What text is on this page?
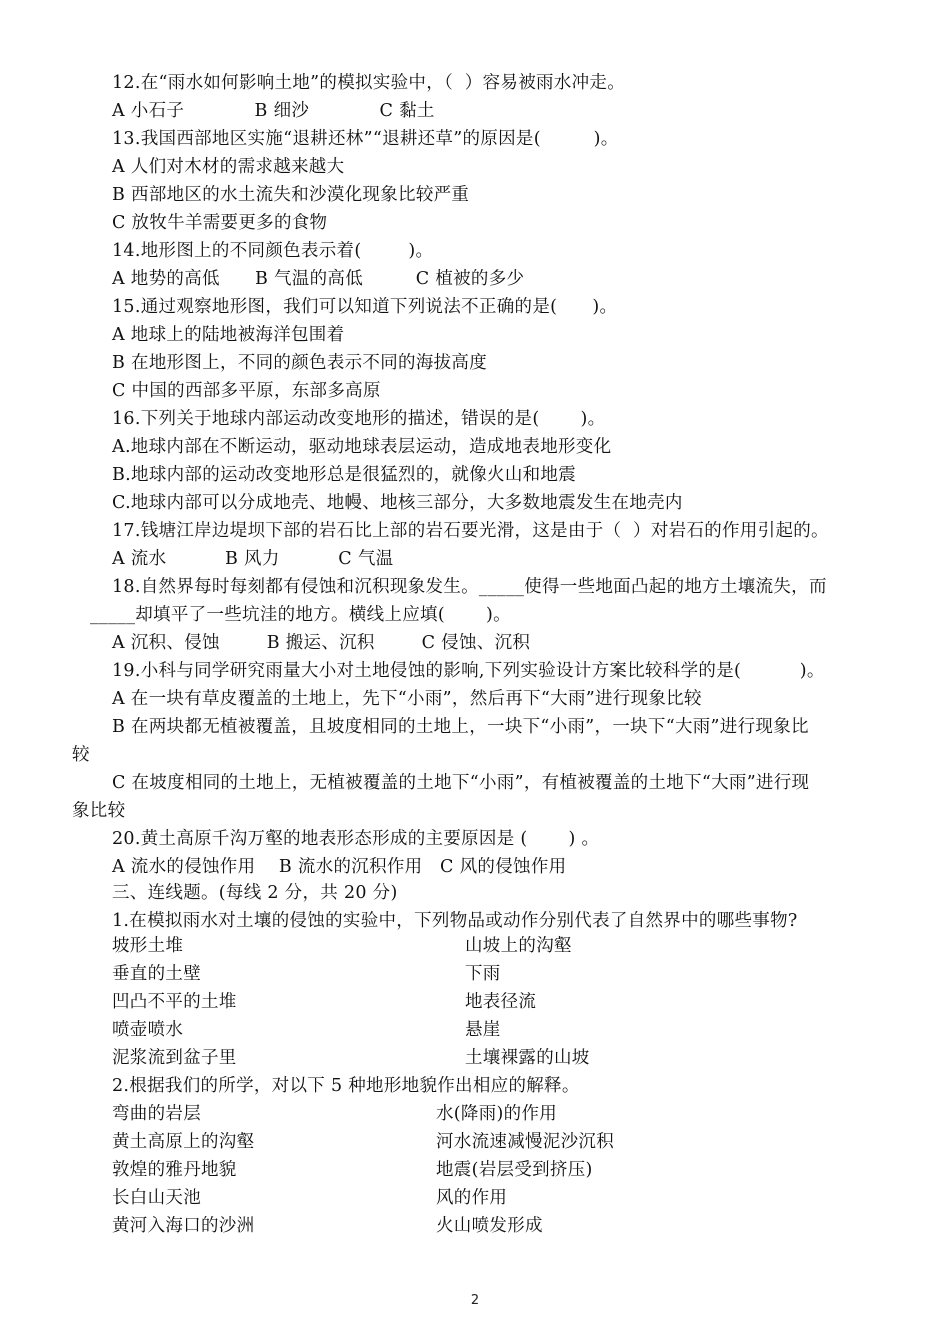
12.在“雨水如何影响土地”的模拟实验中，（  ）容易被雨水冲走。
A 小石子            B 细沙            C 黏土
13.我国西部地区实施“退耕还林”“退耕还草”的原因是(         )。
A 人们对木材的需求越来越大
B 西部地区的水土流失和沙漠化现象比较严重
C 放牧牛羊需要更多的食物
14.地形图上的不同颜色表示着(        )。
A 地势的高低      B 气温的高低         C 植被的多少
15.通过观察地形图，我们可以知道下列说法不正确的是(      )。
A 地球上的陆地被海洋包围着
B 在地形图上，不同的颜色表示不同的海拔高度
C 中国的西部多平原，东部多高原
16.下列关于地球内部运动改变地形的描述，错误的是(       )。
A.地球内部在不断运动，驱动地球表层运动，造成地表地形变化
B.地球内部的运动改变地形总是很猛烈的，就像火山和地震
C.地球内部可以分成地壳、地幔、地核三部分，大多数地震发生在地壳内
17.钱塘江岸边堤坝下部的岩石比上部的岩石要光滑，这是由于（  ）对岩石的作用引起的。
A 流水          B 风力          C 气温
18.自然界每时每刻都有侵蚀和沉积现象发生。_____使得一些地面凸起的地方土壤流失，而
_____却填平了一些坑洼的地方。横线上应填(       )。
A 沉积、侵蚀        B 搬运、沉积        C 侵蚀、沉积
19.小科与同学研究雨量大小对土地侵蚀的影响,下列实验设计方案比较科学的是(          )。
A 在一块有草皮覆盖的土地上，先下“小雨”，然后再下“大雨”进行现象比较
B 在两块都无植被覆盖，且坡度相同的土地上，一块下“小雨”，一块下“大雨”进行现象比
较
C 在坡度相同的土地上，无植被覆盖的土地下“小雨”，有植被覆盖的土地下“大雨”进行现
象比较
20.黄土高原千沟万壑的地表形态形成的主要原因是 (       ) 。
A 流水的侵蚀作用    B 流水的沉积作用   C 风的侵蚀作用
三、连线题。(每线 2 分，共 20 分)
1.在模拟雨水对土壤的侵蚀的实验中，下列物品或动作分别代表了自然界中的哪些事物?
坡形土堆	山坡上的沟壑
垂直的土壁	下雨
凹凸不平的土堆	地表径流
喷壶喷水	悬崖
泥浆流到盆子里	土壤裸露的山坡
2.根据我们的所学，对以下 5 种地形地貌作出相应的解释。
弯曲的岩层	水(降雨)的作用
黄土高原上的沟壑	河水流速减慢泥沙沉积
敦煌的雅丹地貌	地震(岩层受到挤压)
长白山天池	风的作用
黄河入海口的沙洲	火山喷发形成
2
